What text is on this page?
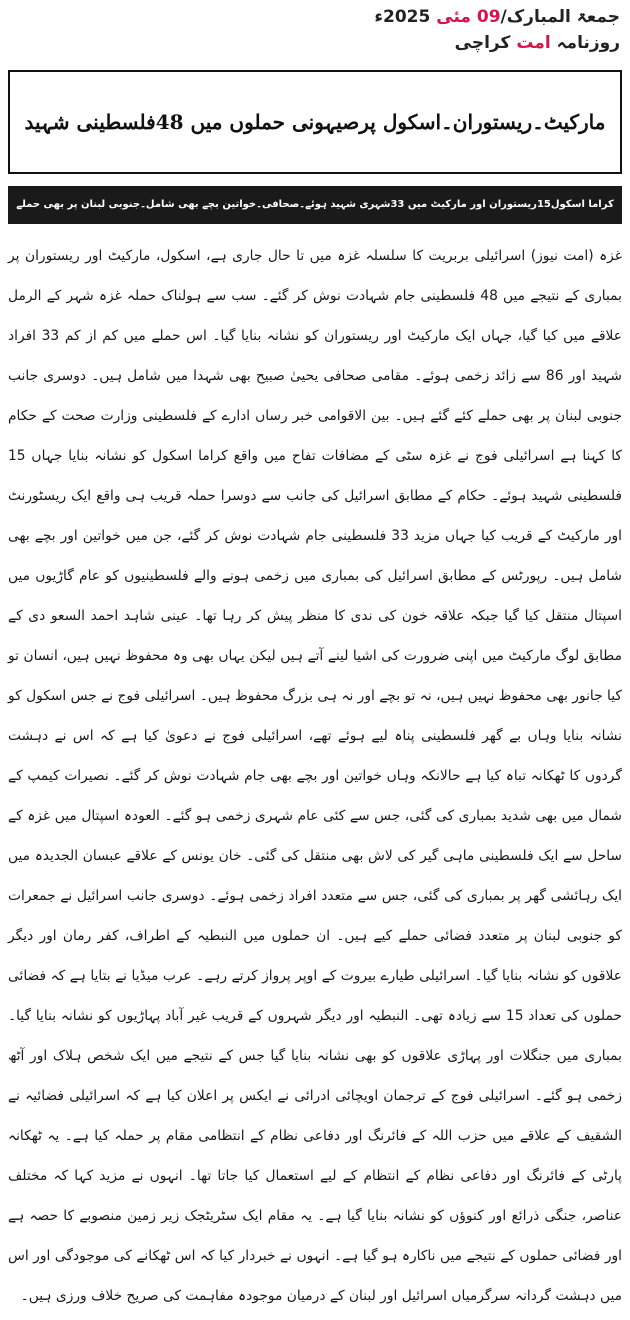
جمعۃ المبارک/09 مئی 2025ء
روزنامہ امت کراچی
مارکیٹ۔ریستوران۔اسکول پرصیہونی حملوں میں 48فلسطینی شہید
کراما اسکول15ریستوران اور مارکیٹ میں 33شہری شہید ہوئے۔صحافی۔خواتین بچے بھی شامل۔جنوبی لبنان پر بھی حملے
غزہ (امت نیوز) اسرائیلی بربریت کا سلسلہ غزہ میں تا حال جاری ہے، اسکول، مارکیٹ اور ریستوران پر بمباری کے نتیجے میں 48 فلسطینی جام شہادت نوش کر گئے۔ سب سے ہولناک حملہ غزہ شہر کے الرمل علاقے میں کیا گیا، جہاں ایک مارکیٹ اور ریستوران کو نشانہ بنایا گیا۔ اس حملے میں کم از کم 33 افراد شہید اور 86 سے زائد زخمی ہوئے۔ مقامی صحافی یحییٰ صبیح بھی شہدا میں شامل ہیں۔ دوسری جانب جنوبی لبنان پر بھی حملے کئے گئے ہیں۔ بین الاقوامی خبر رساں ادارے کے فلسطینی وزارت صحت کے حکام کا کہنا ہے اسرائیلی فوج نے غزہ سٹی کے مضافات تفاح میں واقع کراما اسکول کو نشانہ بنایا جہاں 15 فلسطینی شہید ہوئے۔ حکام کے مطابق اسرائیل کی جانب سے دوسرا حملہ قریب ہی واقع ایک ریسٹورنٹ اور مارکیٹ کے قریب کیا جہاں مزید 33 فلسطینی جام شہادت نوش کر گئے، جن میں خواتین اور بچے بھی شامل ہیں۔ رپورٹس کے مطابق اسرائیل کی بمباری میں زخمی ہونے والے فلسطینیوں کو عام گاڑیوں میں اسپتال منتقل کیا گیا جبکہ علاقہ خون کی ندی کا منظر پیش کر رہا تھا۔ عینی شاہد احمد السعو دی کے مطابق لوگ مارکیٹ میں اپنی ضرورت کی اشیا لینے آتے ہیں لیکن یہاں بھی وہ محفوظ نہیں ہیں، انسان تو کیا جانور بھی محفوظ نہیں ہیں، نہ تو بچے اور نہ ہی بزرگ محفوظ ہیں۔ اسرائیلی فوج نے جس اسکول کو نشانہ بنایا وہاں بے گھر فلسطینی پناہ لیے ہوئے تھے، اسرائیلی فوج نے دعویٰ کیا ہے کہ اس نے دہشت گردوں کا ٹھکانہ تباہ کیا ہے حالانکہ وہاں خواتین اور بچے بھی جام شہادت نوش کر گئے۔ نصیرات کیمپ کے شمال میں بھی شدید بمباری کی گئی، جس سے کئی عام شہری زخمی ہو گئے۔ العودہ اسپتال میں غزہ کے ساحل سے ایک فلسطینی ماہی گیر کی لاش بھی منتقل کی گئی۔ خان یونس کے علاقے عبسان الجدیدہ میں ایک رہائشی گھر پر بمباری کی گئی، جس سے متعدد افراد زخمی ہوئے۔ دوسری جانب اسرائیل نے جمعرات کو جنوبی لبنان پر متعدد فضائی حملے کیے ہیں۔ ان حملوں میں النبطیہ کے اطراف، کفر رمان اور دیگر علاقوں کو نشانہ بنایا گیا۔ اسرائیلی طیارے بیروت کے اوپر پرواز کرتے رہے۔ عرب میڈیا نے بتایا ہے کہ فضائی حملوں کی تعداد 15 سے زیادہ تھی۔ النبطیہ اور دیگر شہروں کے قریب غیر آباد پہاڑیوں کو نشانہ بنایا گیا۔ بمباری میں جنگلات اور پہاڑی علاقوں کو بھی نشانہ بنایا گیا جس کے نتیجے میں ایک شخص ہلاک اور آٹھ زخمی ہو گئے۔ اسرائیلی فوج کے ترجمان اویچائی ادرائی نے ایکس پر اعلان کیا ہے کہ اسرائیلی فضائیہ نے الشقیف کے علاقے میں حزب اللہ کے فائرنگ اور دفاعی نظام کے انتظامی مقام پر حملہ کیا ہے۔ یہ ٹھکانہ پارٹی کے فائرنگ اور دفاعی نظام کے انتظام کے لیے استعمال کیا جاتا تھا۔ انہوں نے مزید کہا کہ مختلف عناصر، جنگی ذرائع اور کنوؤں کو نشانہ بنایا گیا ہے۔ یہ مقام ایک سٹریٹجک زیر زمین منصوبے کا حصہ ہے اور فضائی حملوں کے نتیجے میں ناکارہ ہو گیا ہے۔ انہوں نے خبردار کیا کہ اس ٹھکانے کی موجودگی اور اس میں دہشت گردانہ سرگرمیاں اسرائیل اور لبنان کے درمیان موجودہ مفاہمت کی صریح خلاف ورزی ہیں۔
